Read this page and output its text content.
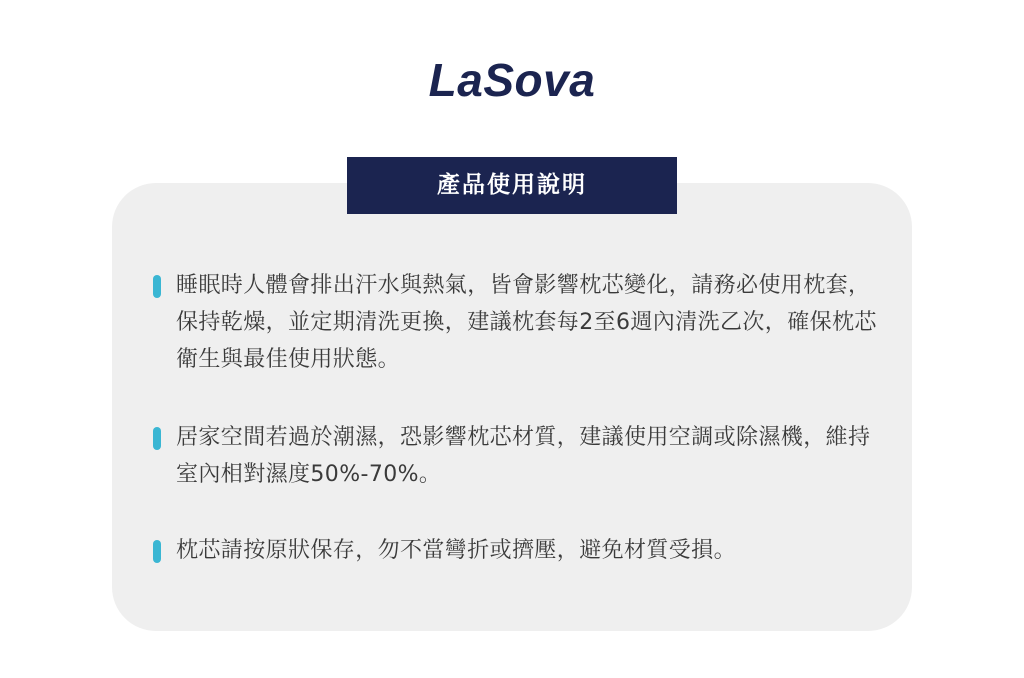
LaSova
產品使用說明
睡眠時人體會排出汗水與熱氣，皆會影響枕芯變化，請務必使用枕套，保持乾燥，並定期清洗更換，建議枕套每2至6週內清洗乙次，確保枕芯衛生與最佳使用狀態。
居家空間若過於潮濕，恐影響枕芯材質，建議使用空調或除濕機，維持室內相對濕度50%-70%。
枕芯請按原狀保存，勿不當彎折或擠壓，避免材質受損。
